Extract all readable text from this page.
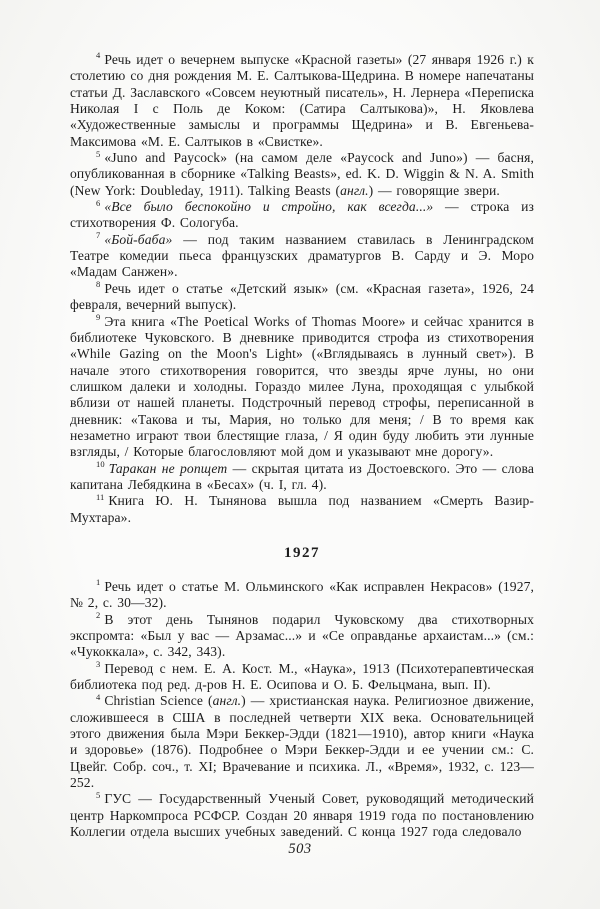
$^4$ Речь идет о вечернем выпуске «Красной газеты» (27 января 1926 г.) к столетию со дня рождения М. Е. Салтыкова-Щедрина. В номере напечатаны статьи Д. Заславского «Совсем неуютный писатель», Н. Лернера «Переписка Николая I с Поль де Коком: (Сатира Салтыкова)», Н. Яковлева «Художественные замыслы и программы Щедрина» и В. Евгеньева-Максимова «М. Е. Салтыков в «Свистке».

$^5$ «Juno and Paycock» (на самом деле «Paycock and Juno») — басня, опубликованная в сборнике «Talking Beasts», ed. K. D. Wiggin & N. A. Smith (New York: Doubleday, 1911). Talking Beasts (англ.) — говорящие звери.

$^6$ «Все было беспокойно и стройно, как всегда...» — строка из стихотворения Ф. Сологуба.

$^7$ «Бой-баба» — под таким названием ставилась в Ленинградском Театре комедии пьеса французских драматургов В. Сарду и Э. Моро «Мадам Санжен».

$^8$ Речь идет о статье «Детский язык» (см. «Красная газета», 1926, 24 февраля, вечерний выпуск).

$^9$ Эта книга «The Poetical Works of Thomas Moore» и сейчас хранится в библиотеке Чуковского. В дневнике приводится строфа из стихотворения «While Gazing on the Moon's Light» («Вглядываясь в лунный свет»). В начале этого стихотворения говорится, что звезды ярче луны, но они слишком далеки и холодны. Гораздо милее Луна, проходящая с улыбкой вблизи от нашей планеты. Подстрочный перевод строфы, переписанной в дневник: «Такова и ты, Мария, но только для меня; / В то время как незаметно играют твои блестящие глаза, / Я один буду любить эти лунные взгляды, / Которые благословляют мой дом и указывают мне дорогу».

$^{10}$ Таракан не ропщет — скрытая цитата из Достоевского. Это — слова капитана Лебядкина в «Бесах» (ч. I, гл. 4).

$^{11}$ Книга Ю. Н. Тынянова вышла под названием «Смерть Вазир-Мухтара».

1927

$^1$ Речь идет о статье М. Ольминского «Как исправлен Некрасов» (1927, № 2, с. 30—32).

$^2$ В этот день Тынянов подарил Чуковскому два стихотворных экспромта: «Был у вас — Арзамас...» и «Се оправданье архаистам...» (см.: «Чукоккала», с. 342, 343).

$^3$ Перевод с нем. Е. А. Кост. М., «Наука», 1913 (Психотерапевтическая библиотека под ред. д-ров Н. Е. Осипова и О. Б. Фельцмана, вып. II).

$^4$ Christian Science (англ.) — христианская наука. Религиозное движение, сложившееся в США в последней четверти XIX века. Основательницей этого движения была Мэри Беккер-Эдди (1821—1910), автор книги «Наука и здоровье» (1876). Подробнее о Мэри Беккер-Эдди и ее учении см.: С. Цвейг. Собр. соч., т. XI; Врачевание и психика. Л., «Время», 1932, с. 123—252.

$^5$ ГУС — Государственный Ученый Совет, руководящий методический центр Наркомпроса РСФСР. Создан 20 января 1919 года по постановлению Коллегии отдела высших учебных заведений. С конца 1927 года следовало

503
